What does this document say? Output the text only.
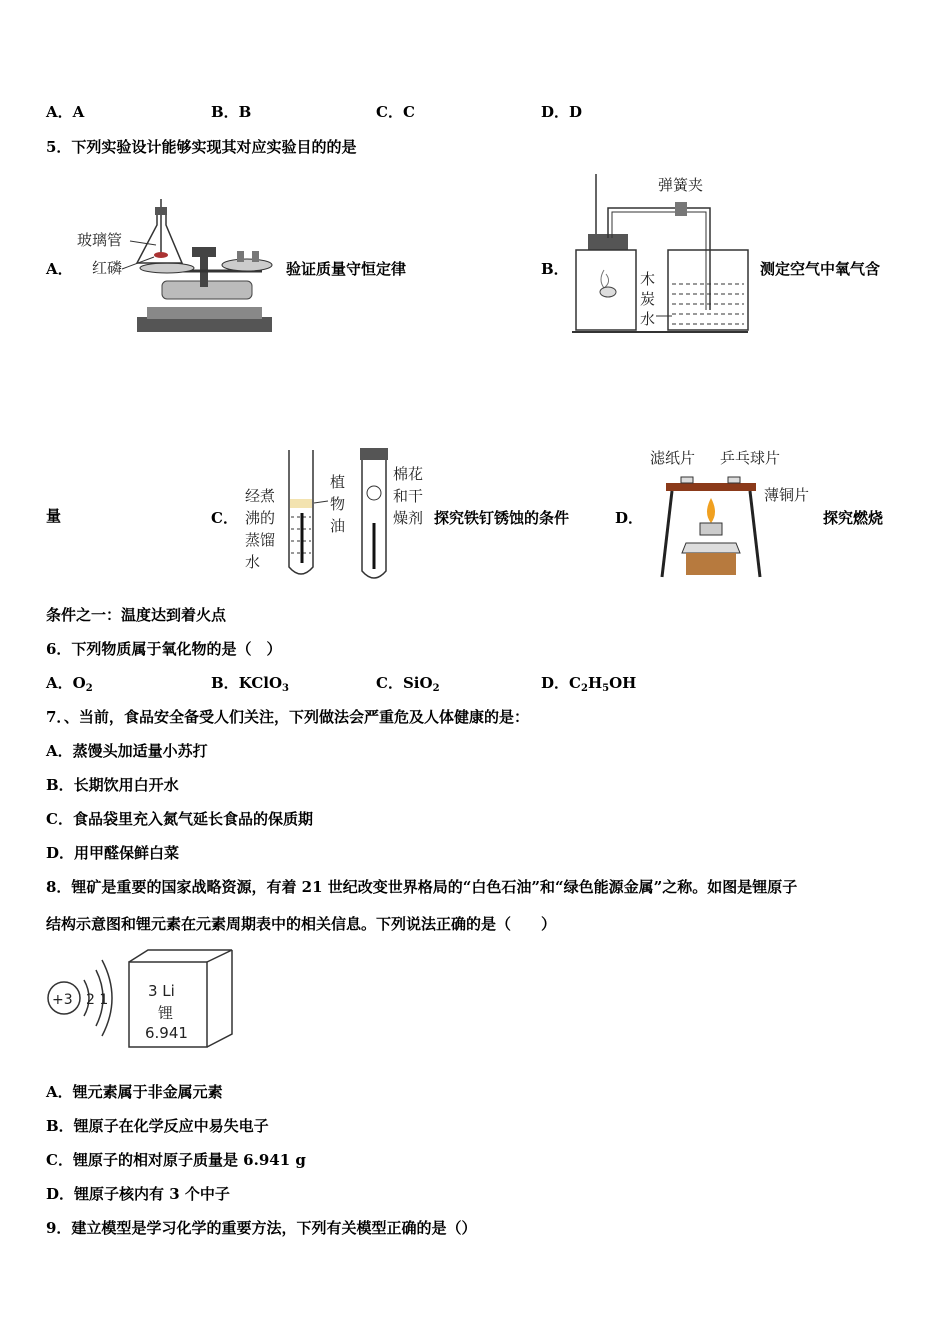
A．A	B．B	C．C	D．D
5．下列实验设计能够实现其对应实验目的的是
A．
玻璃管
红磷	验证质量守恒定律	B．
弹簧夹
木
炭
水
测定空气中氧气含
量	C．
经煮
沸的
蒸馏
水
植
物
油
棉花
和干
燥剂 探究铁钉锈蚀的条件	D．
滤纸片 乒乓球片
薄铜片
探究燃烧
条件之一：温度达到着火点
6．下列物质属于氧化物的是（　）
A．$O_2$	B．KClO$_3$	C．SiO$_2$	D．$C_2H_5OH$
7．、当前，食品安全备受人们关注，下列做法会严重危及人体健康的是：
A．蒸馒头加适量小苏打
B．长期饮用白开水
C．食品袋里充入氮气延长食品的保质期
D．用甲醛保鲜白菜
8．锂矿是重要的国家战略资源，有着 21 世纪改变世界格局的“白色石油”和“绿色能源金属”之称。如图是锂原子
结构示意图和锂元素在元素周期表中的相关信息。下列说法正确的是（　　）
+3 2 1	3 Li
锂
6.941
A．锂元素属于非金属元素
B．锂原子在化学反应中易失电子
C．锂原子的相对原子质量是 6.941 g
D．锂原子核内有 3 个中子
9．建立模型是学习化学的重要方法，下列有关模型正确的是（）
